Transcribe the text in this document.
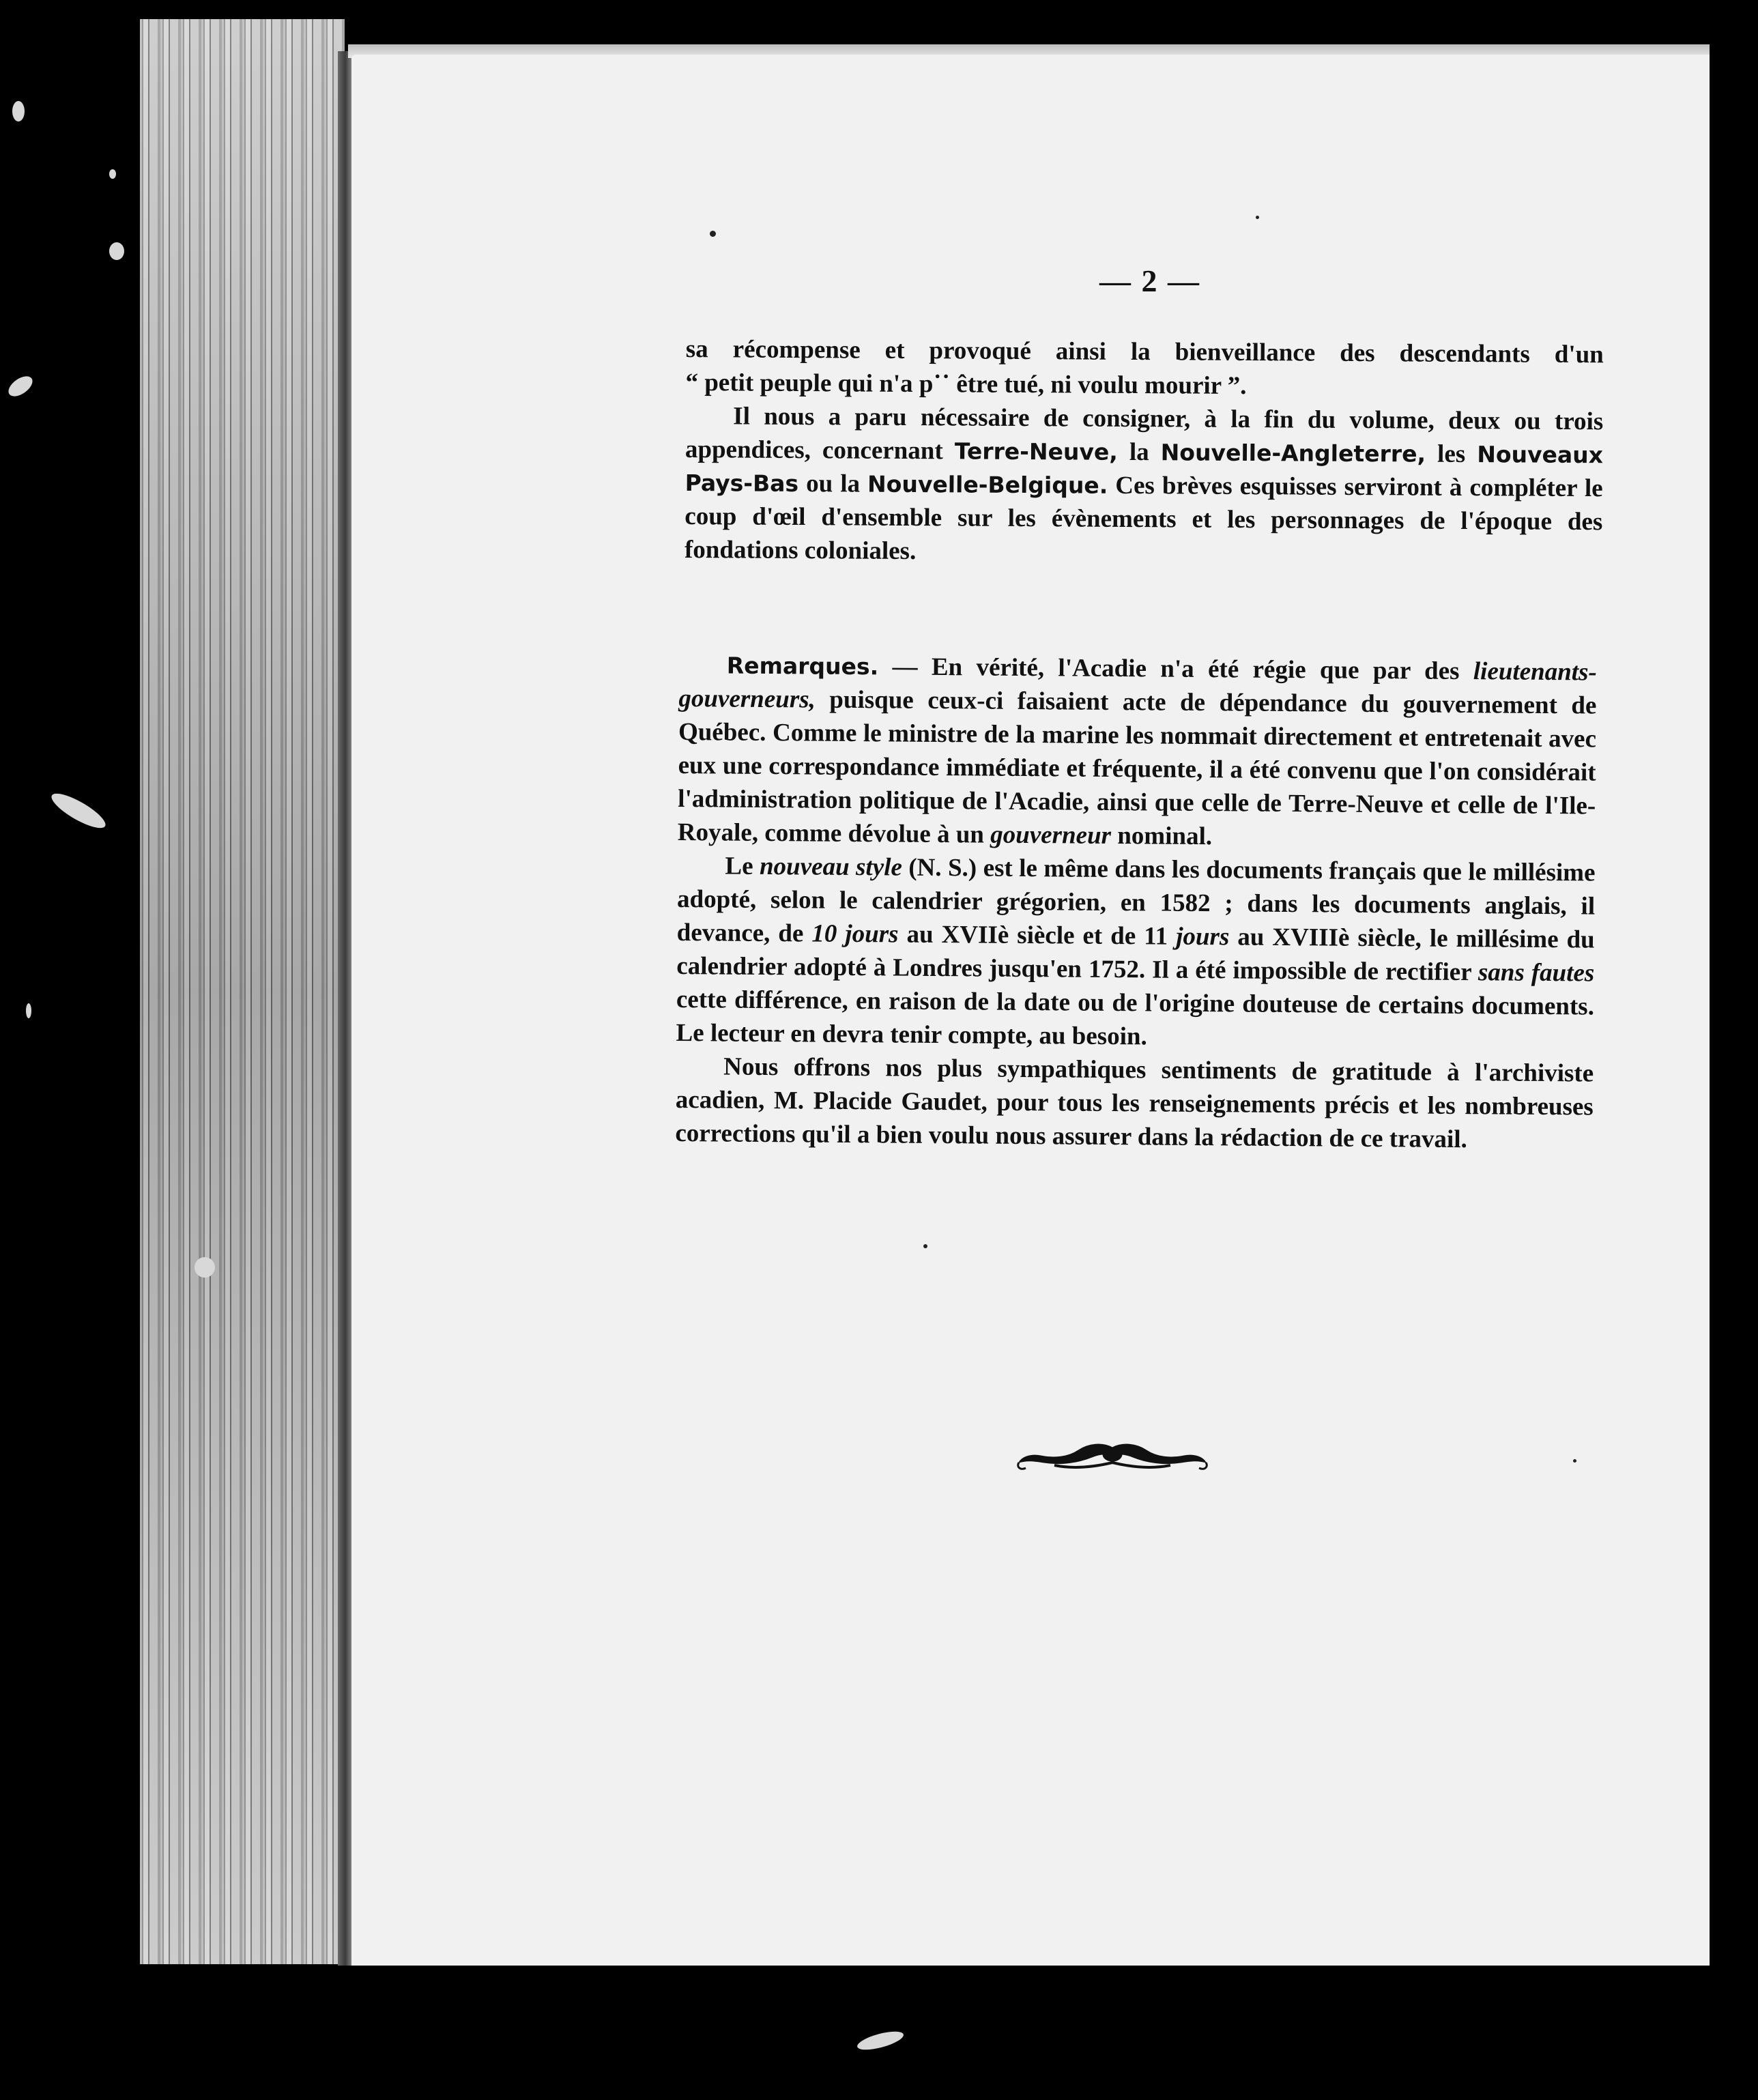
— 2 —

sa récompense et provoqué ainsi la bienveillance des descendants d'un

“ petit peuple qui n'a p˙˙ être tué, ni voulu mourir ”.

Il nous a paru nécessaire de consigner, à la fin du volume, deux ou trois appendices, concernant Terre-Neuve, la Nouvelle-Angleterre, les Nouveaux Pays-Bas ou la Nouvelle-Belgique. Ces brèves esquisses serviront à compléter le coup d'œil d'ensemble sur les évènements et les personnages de l'époque des fondations coloniales.

Remarques. — En vérité, l'Acadie n'a été régie que par des lieutenants-gouverneurs, puisque ceux-ci faisaient acte de dépendance du gouvernement de Québec. Comme le ministre de la marine les nommait directement et entretenait avec eux une correspondance immédiate et fréquente, il a été convenu que l'on considérait l'administration politique de l'Acadie, ainsi que celle de Terre-Neuve et celle de l'Ile-Royale, comme dévolue à un gouverneur nominal.

Le nouveau style (N. S.) est le même dans les documents français que le millésime adopté, selon le calendrier grégorien, en 1582 ; dans les documents anglais, il devance, de 10 jours au XVIIè siècle et de 11 jours au XVIIIè siècle, le millésime du calendrier adopté à Londres jusqu'en 1752. Il a été impossible de rectifier sans fautes cette différence, en raison de la date ou de l'origine douteuse de certains documents. Le lecteur en devra tenir compte, au besoin.

Nous offrons nos plus sympathiques sentiments de gratitude à l'archiviste acadien, M. Placide Gaudet, pour tous les renseignements précis et les nombreuses corrections qu'il a bien voulu nous assurer dans la rédaction de ce travail.
